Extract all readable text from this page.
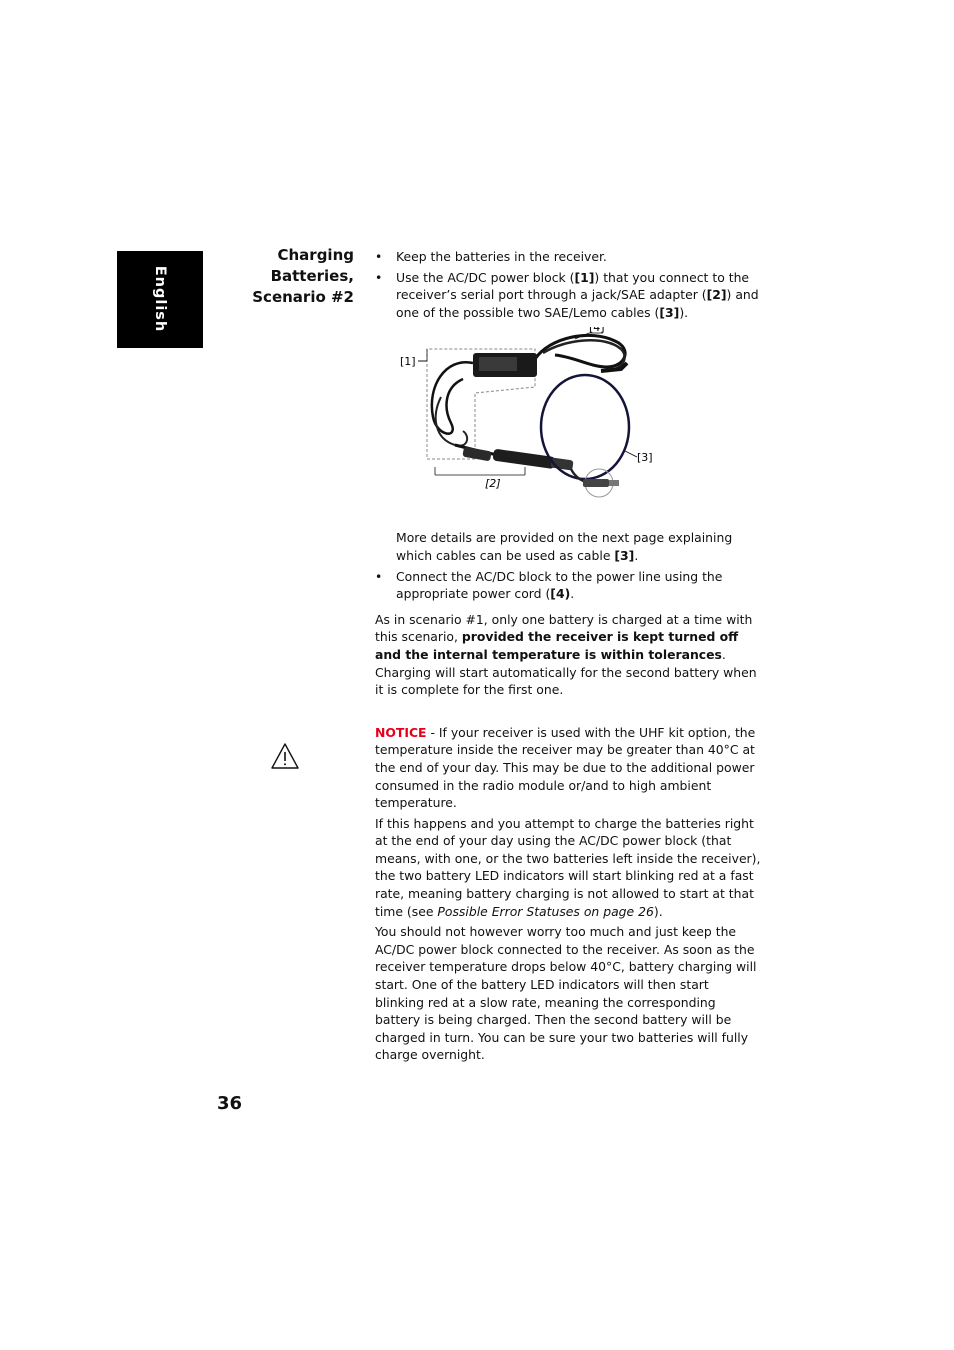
English
Charging
Batteries,
Scenario #2
• Keep the batteries in the receiver.
• Use the AC/DC power block ([1]) that you connect to the receiver’s serial port through a jack/SAE adapter ([2]) and one of the possible two SAE/Lemo cables ([3]).
[1]
[4]
[3]
[2]

More details are provided on the next page explaining which cables can be used as cable [3].

• Connect the AC/DC block to the power line using the appropriate power cord ([4).

As in scenario #1, only one battery is charged at a time with this scenario, provided the receiver is kept turned off and the internal temperature is within tolerances. Charging will start automatically for the second battery when it is complete for the first one.

NOTICE - If your receiver is used with the UHF kit option, the temperature inside the receiver may be greater than 40°C at the end of your day. This may be due to the additional power consumed in the radio module or/and to high ambient temperature.

If this happens and you attempt to charge the batteries right at the end of your day using the AC/DC power block (that means, with one, or the two batteries left inside the receiver), the two battery LED indicators will start blinking red at a fast rate, meaning battery charging is not allowed to start at that time (see Possible Error Statuses on page 26).

You should not however worry too much and just keep the AC/DC power block connected to the receiver. As soon as the receiver temperature drops below 40°C, battery charging will start. One of the battery LED indicators will then start blinking red at a slow rate, meaning the corresponding battery is being charged. Then the second battery will be charged in turn. You can be sure your two batteries will fully charge overnight.

36
